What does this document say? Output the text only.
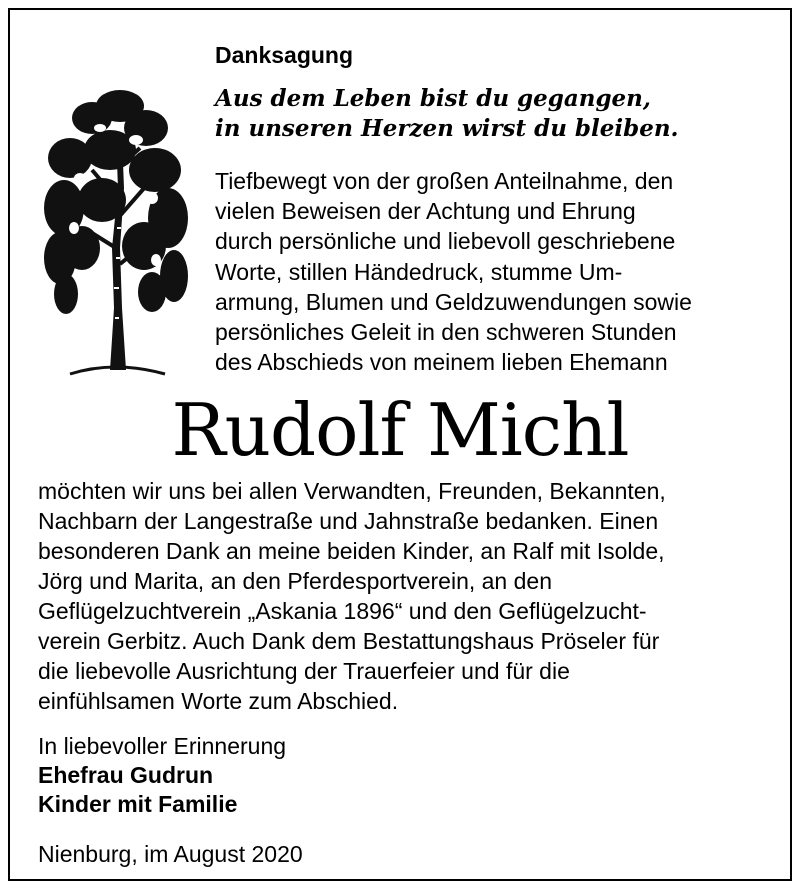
Danksagung
Aus dem Leben bist du gegangen,
in unseren Herzen wirst du bleiben.
Tiefbewegt von der großen Anteilnahme, den
vielen Beweisen der Achtung und Ehrung
durch persönliche und liebevoll geschriebene
Worte, stillen Händedruck, stumme Um-
armung, Blumen und Geldzuwendungen sowie
persönliches Geleit in den schweren Stunden
des Abschieds von meinem lieben Ehemann
Rudolf Michl
möchten wir uns bei allen Verwandten, Freunden, Bekannten,
Nachbarn der Langestraße und Jahnstraße bedanken. Einen
besonderen Dank an meine beiden Kinder, an Ralf mit Isolde,
Jörg und Marita, an den Pferdesportverein, an den
Geflügelzuchtverein „Askania 1896“ und den Geflügelzucht-
verein Gerbitz. Auch Dank dem Bestattungshaus Pröseler für
die liebevolle Ausrichtung der Trauerfeier und für die
einfühlsamen Worte zum Abschied.
In liebevoller Erinnerung
Ehefrau Gudrun
Kinder mit Familie
Nienburg, im August 2020
